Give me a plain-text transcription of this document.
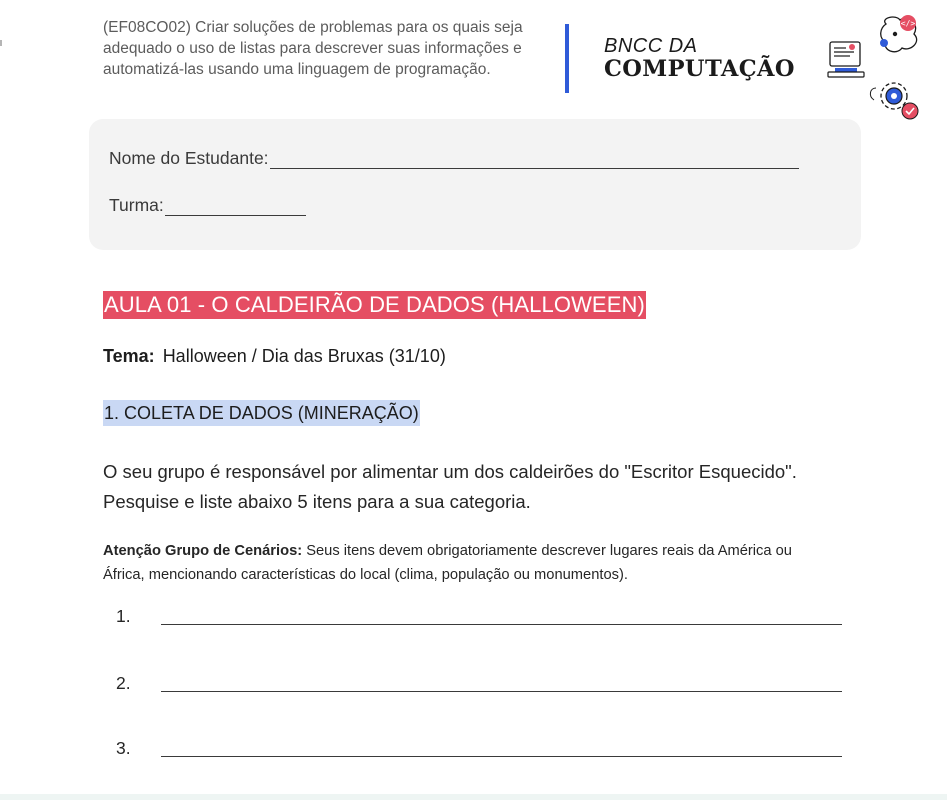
(EF08CO02) Criar soluções de problemas para os quais seja adequado o uso de listas para descrever suas informações e automatizá-las usando uma linguagem de programação.
BNCC DA
COMPUTAÇÃO
</>
Nome do Estudante:
Turma:
AULA 01 - O CALDEIRÃO DE DADOS (HALLOWEEN)
Tema: Halloween / Dia das Bruxas (31/10)
1. COLETA DE DADOS (MINERAÇÃO)
O seu grupo é responsável por alimentar um dos caldeirões do "Escritor Esquecido". Pesquise e liste abaixo 5 itens para a sua categoria.
Atenção Grupo de Cenários: Seus itens devem obrigatoriamente descrever lugares reais da América ou África, mencionando características do local (clima, população ou monumentos).
1.
2.
3.
